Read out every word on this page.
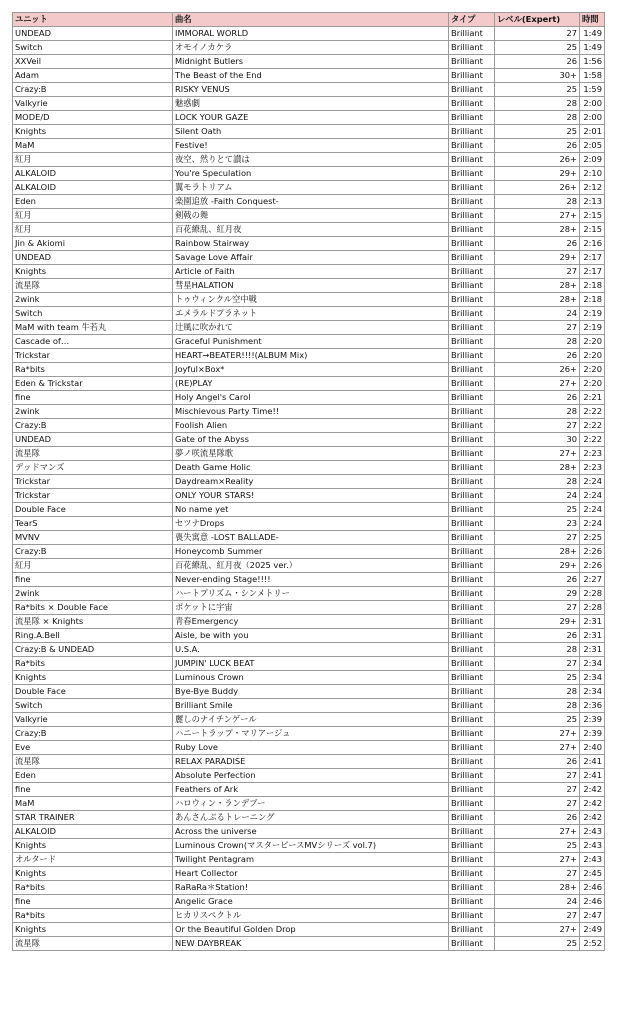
ユニット	曲名	タイプ	レベル(Expert)	時間
UNDEAD	IMMORAL WORLD	Brilliant	27	1:49
Switch	オモイノカケラ	Brilliant	25	1:49
XXVeil	Midnight Butlers	Brilliant	26	1:56
Adam	The Beast of the End	Brilliant	30+	1:58
Crazy:B	RISKY VENUS	Brilliant	25	1:59
Valkyrie	魅惑劇	Brilliant	28	2:00
MODE/D	LOCK YOUR GAZE	Brilliant	28	2:00
Knights	Silent Oath	Brilliant	25	2:01
MaM	Festive!	Brilliant	26	2:05
紅月	夜空、然りとて讃は	Brilliant	26+	2:09
ALKALOID	You're Speculation	Brilliant	29+	2:10
ALKALOID	翼モラトリアム	Brilliant	26+	2:12
Eden	楽園追放 -Faith Conquest-	Brilliant	28	2:13
紅月	剣戟の舞	Brilliant	27+	2:15
紅月	百花繚乱、紅月夜	Brilliant	28+	2:15
Jin & Akiomi	Rainbow Stairway	Brilliant	26	2:16
UNDEAD	Savage Love Affair	Brilliant	29+	2:17
Knights	Article of Faith	Brilliant	27	2:17
流星隊	彗星HALATION	Brilliant	28+	2:18
2wink	トゥウィンクル空中戦	Brilliant	28+	2:18
Switch	エメラルドプラネット	Brilliant	24	2:19
MaM with team 牛若丸	辻風に吹かれて	Brilliant	27	2:19
Cascade of…	Graceful Punishment	Brilliant	28	2:20
Trickstar	HEART→BEATER!!!!(ALBUM Mix)	Brilliant	26	2:20
Ra*bits	Joyful×Box*	Brilliant	26+	2:20
Eden & Trickstar	(RE)PLAY	Brilliant	27+	2:20
fine	Holy Angel's Carol	Brilliant	26	2:21
2wink	Mischievous Party Time!!	Brilliant	28	2:22
Crazy:B	Foolish Alien	Brilliant	27	2:22
UNDEAD	Gate of the Abyss	Brilliant	30	2:22
流星隊	夢ノ咲流星隊歌	Brilliant	27+	2:23
デッドマンズ	Death Game Holic	Brilliant	28+	2:23
Trickstar	Daydream×Reality	Brilliant	28	2:24
Trickstar	ONLY YOUR STARS!	Brilliant	24	2:24
Double Face	No name yet	Brilliant	25	2:24
TearS	セツナDrops	Brilliant	23	2:24
MVNV	喪失寓意 -LOST BALLADE-	Brilliant	27	2:25
Crazy:B	Honeycomb Summer	Brilliant	28+	2:26
紅月	百花繚乱、紅月夜（2025 ver.）	Brilliant	29+	2:26
fine	Never-ending Stage!!!!	Brilliant	26	2:27
2wink	ハートプリズム・シンメトリー	Brilliant	29	2:28
Ra*bits × Double Face	ポケットに宇宙	Brilliant	27	2:28
流星隊 × Knights	青春Emergency	Brilliant	29+	2:31
Ring.A.Bell	Aisle, be with you	Brilliant	26	2:31
Crazy:B & UNDEAD	U.S.A.	Brilliant	28	2:31
Ra*bits	JUMPIN' LUCK BEAT	Brilliant	27	2:34
Knights	Luminous Crown	Brilliant	25	2:34
Double Face	Bye-Bye Buddy	Brilliant	28	2:34
Switch	Brilliant Smile	Brilliant	28	2:36
Valkyrie	麗しのナイチンゲール	Brilliant	25	2:39
Crazy:B	ハニートラップ・マリアージュ	Brilliant	27+	2:39
Eve	Ruby Love	Brilliant	27+	2:40
流星隊	RELAX PARADISE	Brilliant	26	2:41
Eden	Absolute Perfection	Brilliant	27	2:41
fine	Feathers of Ark	Brilliant	27	2:42
MaM	ハロウィン・ランデブー	Brilliant	27	2:42
STAR TRAINER	あんさんぶるトレーニング	Brilliant	26	2:42
ALKALOID	Across the universe	Brilliant	27+	2:43
Knights	Luminous Crown(マスターピースMVシリーズ vol.7)	Brilliant	25	2:43
オルタード	Twilight Pentagram	Brilliant	27+	2:43
Knights	Heart Collector	Brilliant	27	2:45
Ra*bits	RaRaRa＊Station!	Brilliant	28+	2:46
fine	Angelic Grace	Brilliant	24	2:46
Ra*bits	ヒカリスペクトル	Brilliant	27	2:47
Knights	Or the Beautiful Golden Drop	Brilliant	27+	2:49
流星隊	NEW DAYBREAK	Brilliant	25	2:52
